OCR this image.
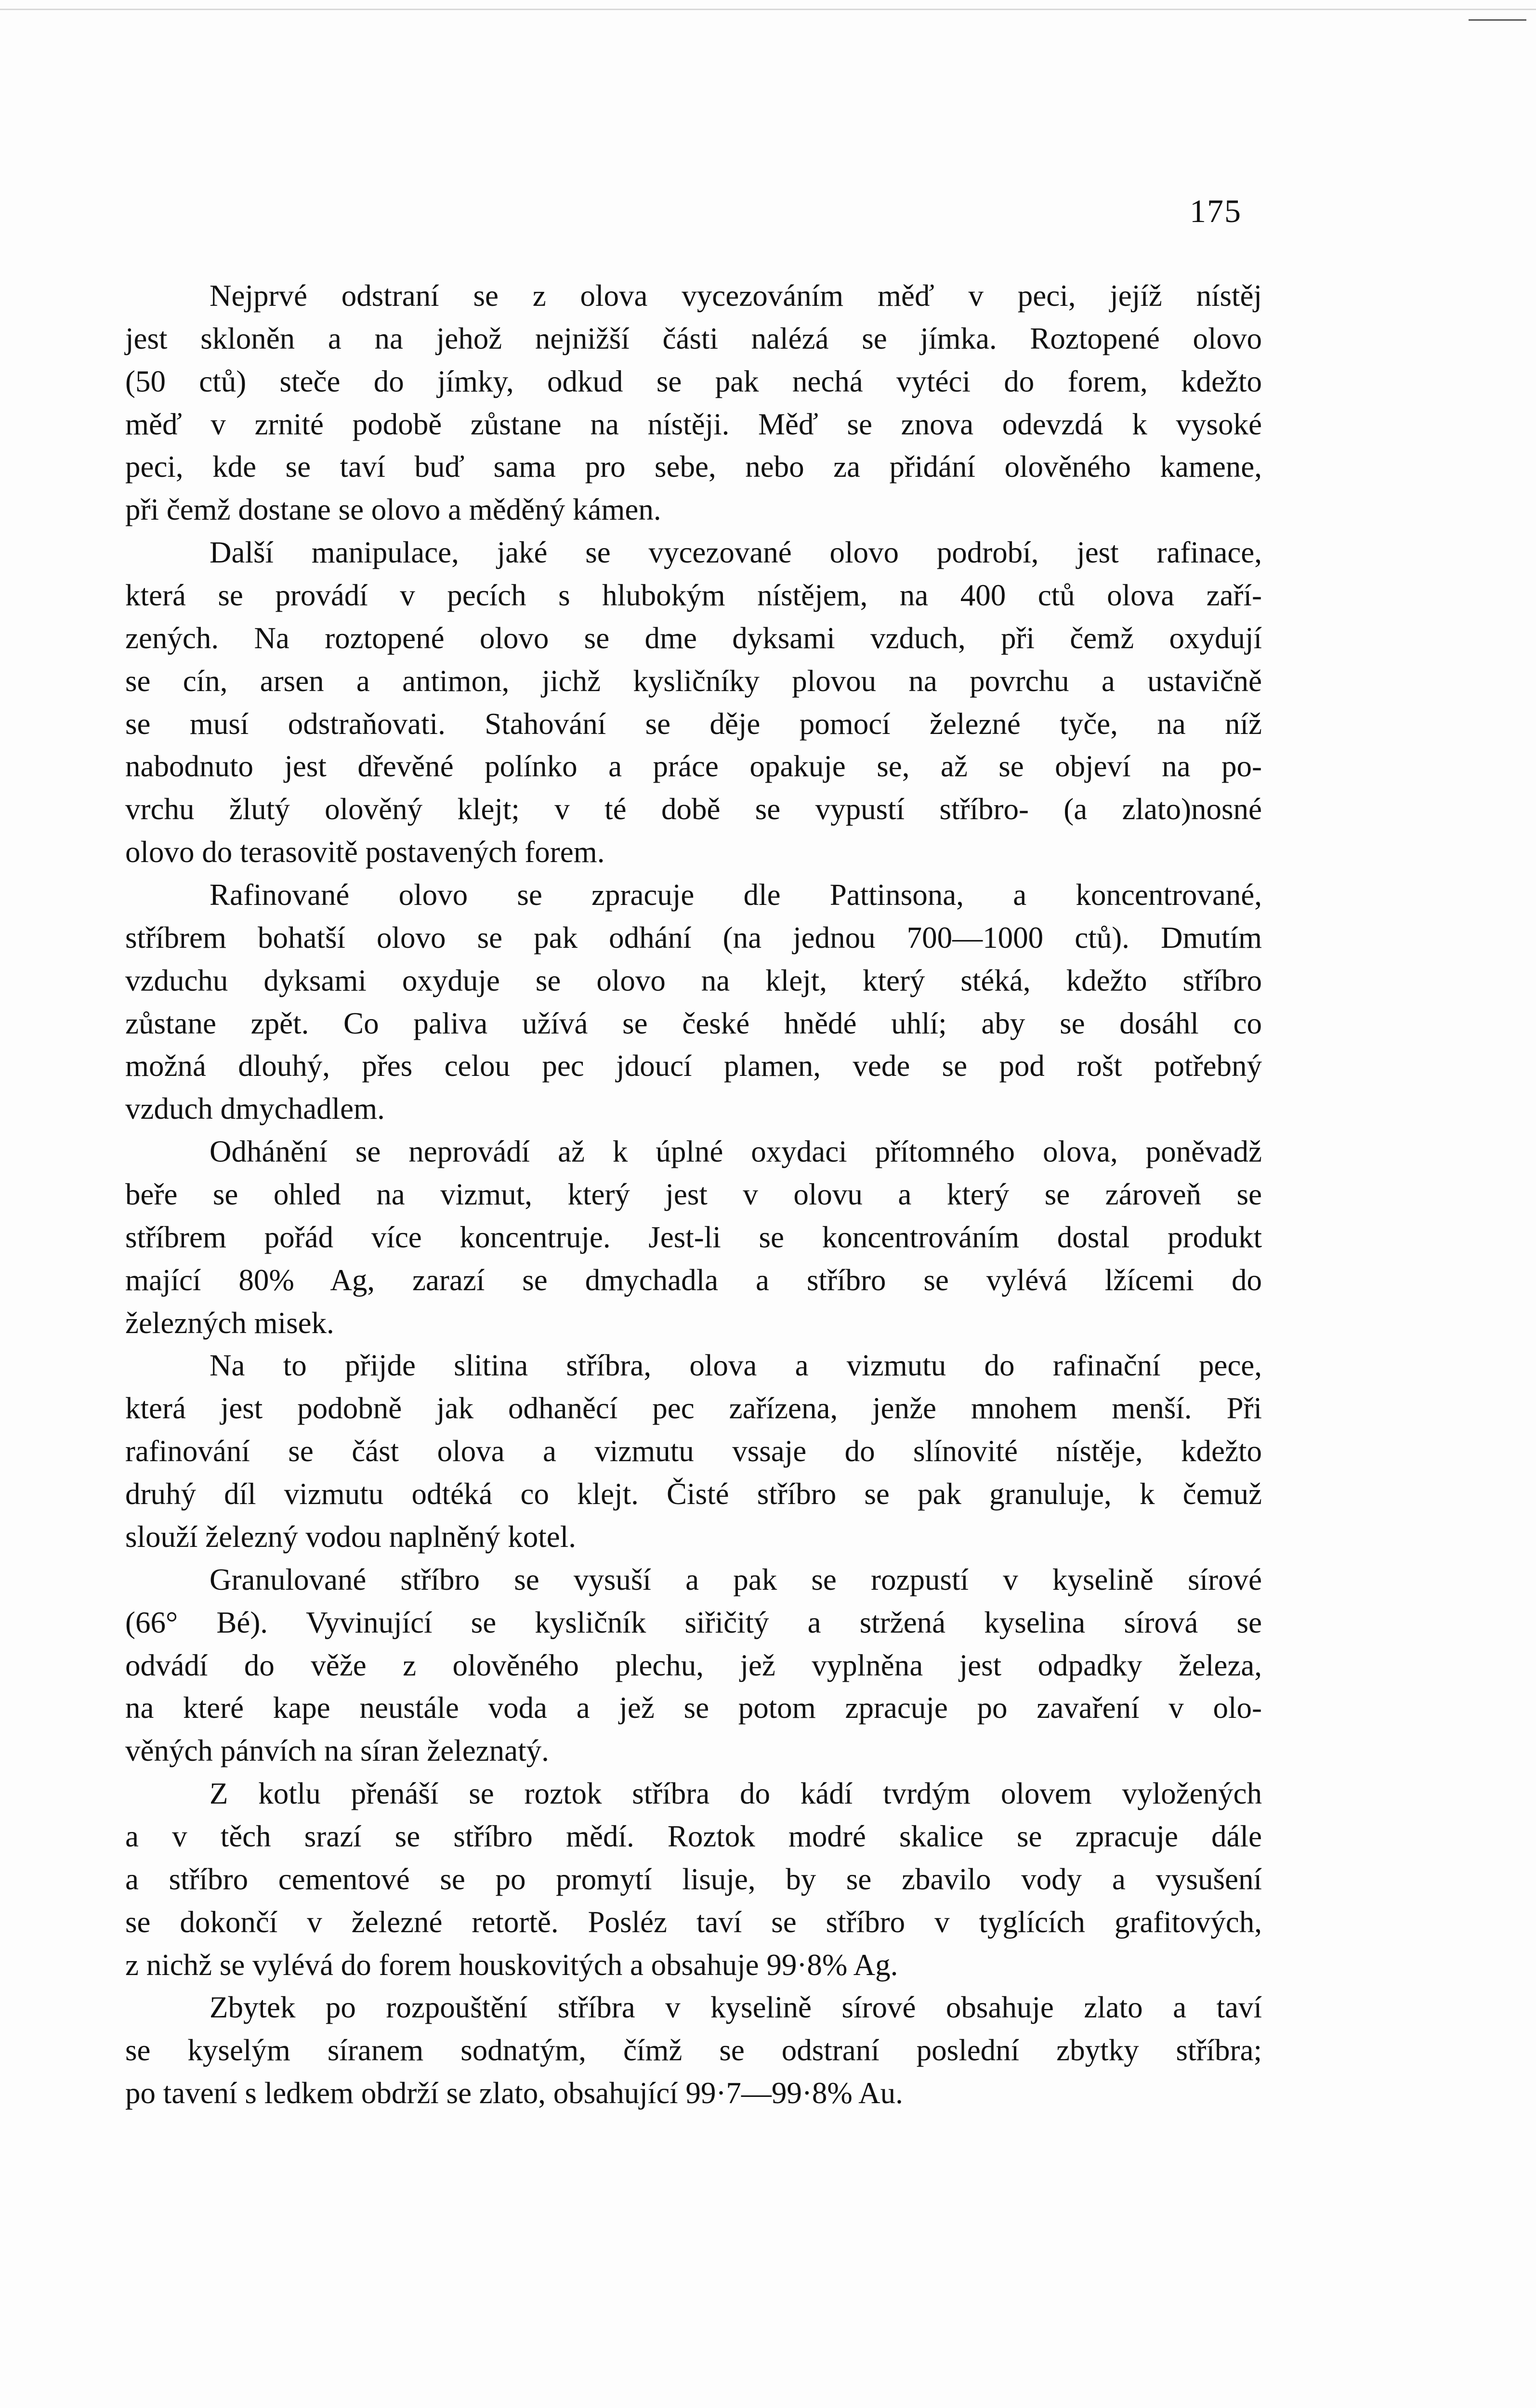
175
Nejprvé odstraní se z olova vycezováním měď v peci, jejíž nístěj
jest skloněn a na jehož nejnižší části nalézá se jímka. Roztopené olovo
(50 ctů) steče do jímky, odkud se pak nechá vytéci do forem, kdežto
měď v zrnité podobě zůstane na nístěji. Měď se znova odevzdá k vysoké
peci, kde se taví buď sama pro sebe, nebo za přidání olověného kamene,
při čemž dostane se olovo a měděný kámen.
Další manipulace, jaké se vycezované olovo podrobí, jest rafinace,
která se provádí v pecích s hlubokým nístějem, na 400 ctů olova zaří-
zených. Na roztopené olovo se dme dyksami vzduch, při čemž oxydují
se cín, arsen a antimon, jichž kysličníky plovou na povrchu a ustavičně
se musí odstraňovati. Stahování se děje pomocí železné tyče, na níž
nabodnuto jest dřevěné polínko a práce opakuje se, až se objeví na po-
vrchu žlutý olověný klejt; v té době se vypustí stříbro- (a zlato)nosné
olovo do terasovitě postavených forem.
Rafinované olovo se zpracuje dle Pattinsona, a koncentrované,
stříbrem bohatší olovo se pak odhání (na jednou 700—1000 ctů). Dmutím
vzduchu dyksami oxyduje se olovo na klejt, který stéká, kdežto stříbro
zůstane zpět. Co paliva užívá se české hnědé uhlí; aby se dosáhl co
možná dlouhý, přes celou pec jdoucí plamen, vede se pod rošt potřebný
vzduch dmychadlem.
Odhánění se neprovádí až k úplné oxydaci přítomného olova, poněvadž
beře se ohled na vizmut, který jest v olovu a který se zároveň se
stříbrem pořád více koncentruje. Jest-li se koncentrováním dostal produkt
mající 80% Ag, zarazí se dmychadla a stříbro se vylévá lžícemi do
železných misek.
Na to přijde slitina stříbra, olova a vizmutu do rafinační pece,
která jest podobně jak odhaněcí pec zařízena, jenže mnohem menší. Při
rafinování se část olova a vizmutu vssaje do slínovité nístěje, kdežto
druhý díl vizmutu odtéká co klejt. Čisté stříbro se pak granuluje, k čemuž
slouží železný vodou naplněný kotel.
Granulované stříbro se vysuší a pak se rozpustí v kyselině sírové
(66° Bé). Vyvinující se kysličník siřičitý a stržená kyselina sírová se
odvádí do věže z olověného plechu, jež vyplněna jest odpadky železa,
na které kape neustále voda a jež se potom zpracuje po zavaření v olo-
věných pánvích na síran železnatý.
Z kotlu přenáší se roztok stříbra do kádí tvrdým olovem vyložených
a v těch srazí se stříbro mědí. Roztok modré skalice se zpracuje dále
a stříbro cementové se po promytí lisuje, by se zbavilo vody a vysušení
se dokončí v železné retortě. Posléz taví se stříbro v tyglících grafitových,
z nichž se vylévá do forem houskovitých a obsahuje 99·8% Ag.
Zbytek po rozpouštění stříbra v kyselině sírové obsahuje zlato a taví
se kyselým síranem sodnatým, čímž se odstraní poslední zbytky stříbra;
po tavení s ledkem obdrží se zlato, obsahující 99·7—99·8% Au.
